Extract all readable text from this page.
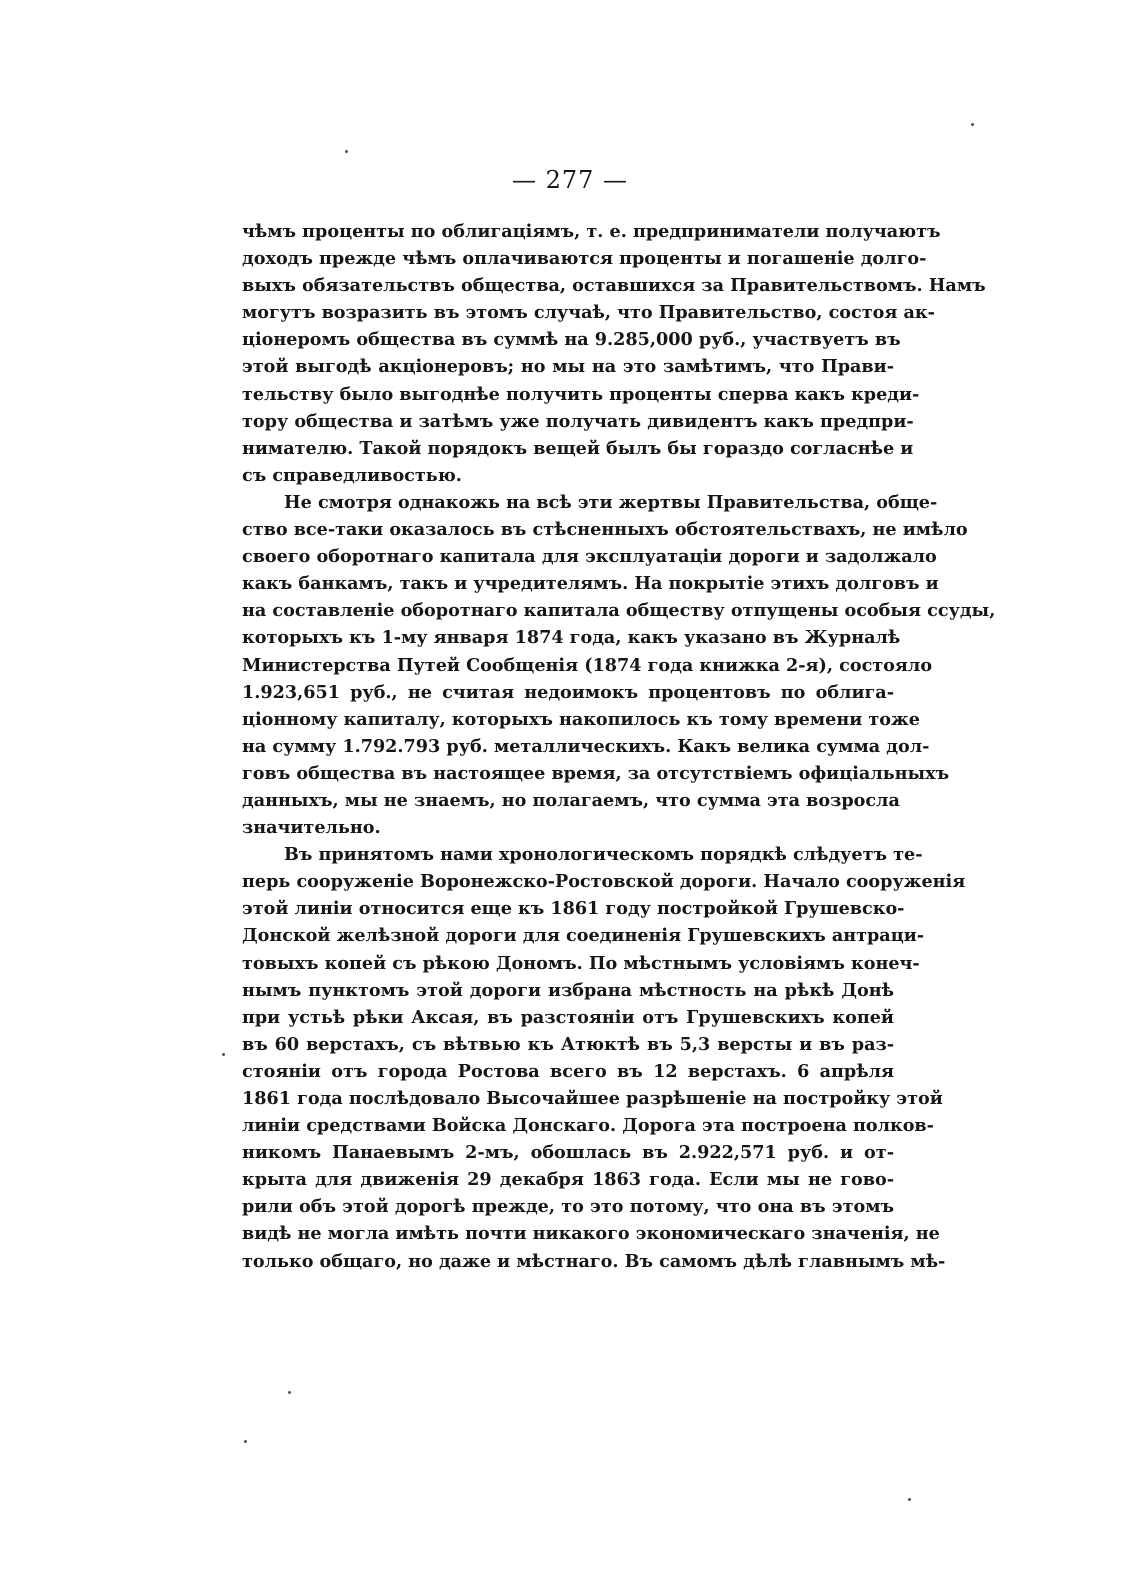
— 277 —
чѣмъ проценты по облигаціямъ, т. е. предприниматели получаютъ
доходъ прежде чѣмъ оплачиваются проценты и погашеніе долго-
выхъ обязательствъ общества, оставшихся за Правительствомъ. Намъ
могутъ возразить въ этомъ случаѣ, что Правительство, состоя ак-
ціонеромъ общества въ суммѣ на 9.285,000 руб., участвуетъ въ
этой выгодѣ акціонеровъ; но мы на это замѣтимъ, что Прави-
тельству было выгоднѣе получить проценты сперва какъ креди-
тору общества и затѣмъ уже получать дивидентъ какъ предпри-
нимателю. Такой порядокъ вещей былъ бы гораздо согласнѣе и
съ справедливостью.
Не смотря однакожь на всѣ эти жертвы Правительства, обще-
ство все-таки оказалось въ стѣсненныхъ обстоятельствахъ, не имѣло
своего оборотнаго капитала для эксплуатаціи дороги и задолжало
какъ банкамъ, такъ и учредителямъ. На покрытіе этихъ долговъ и
на составленіе оборотнаго капитала обществу отпущены особыя ссуды,
которыхъ къ 1-му января 1874 года, какъ указано въ Журналѣ
Министерства Путей Сообщенія (1874 года книжка 2-я), состояло
1.923,651 руб., не считая недоимокъ процентовъ по облига-
ціонному капиталу, которыхъ накопилось къ тому времени тоже
на сумму 1.792.793 руб. металлическихъ. Какъ велика сумма дол-
говъ общества въ настоящее время, за отсутствіемъ офиціальныхъ
данныхъ, мы не знаемъ, но полагаемъ, что сумма эта возросла
значительно.
Въ принятомъ нами хронологическомъ порядкѣ слѣдуетъ те-
перь сооруженіе Воронежско-Ростовской дороги. Начало сооруженія
этой линіи относится еще къ 1861 году постройкой Грушевско-
Донской желѣзной дороги для соединенія Грушевскихъ антраци-
товыхъ копей съ рѣкою Дономъ. По мѣстнымъ условіямъ конеч-
нымъ пунктомъ этой дороги избрана мѣстность на рѣкѣ Донѣ
при устьѣ рѣки Аксая, въ разстояніи отъ Грушевскихъ копей
въ 60 верстахъ, съ вѣтвью къ Атюктѣ въ 5,3 версты и въ раз-
стояніи отъ города Ростова всего въ 12 верстахъ. 6 апрѣля
1861 года послѣдовало Высочайшее разрѣшеніе на постройку этой
линіи средствами Войска Донскаго. Дорога эта построена полков-
никомъ Панаевымъ 2-мъ, обошлась въ 2.922,571 руб. и от-
крыта для движенія 29 декабря 1863 года. Если мы не гово-
рили объ этой дорогѣ прежде, то это потому, что она въ этомъ
видѣ не могла имѣть почти никакого экономическаго значенія, не
только общаго, но даже и мѣстнаго. Въ самомъ дѣлѣ главнымъ мѣ-
